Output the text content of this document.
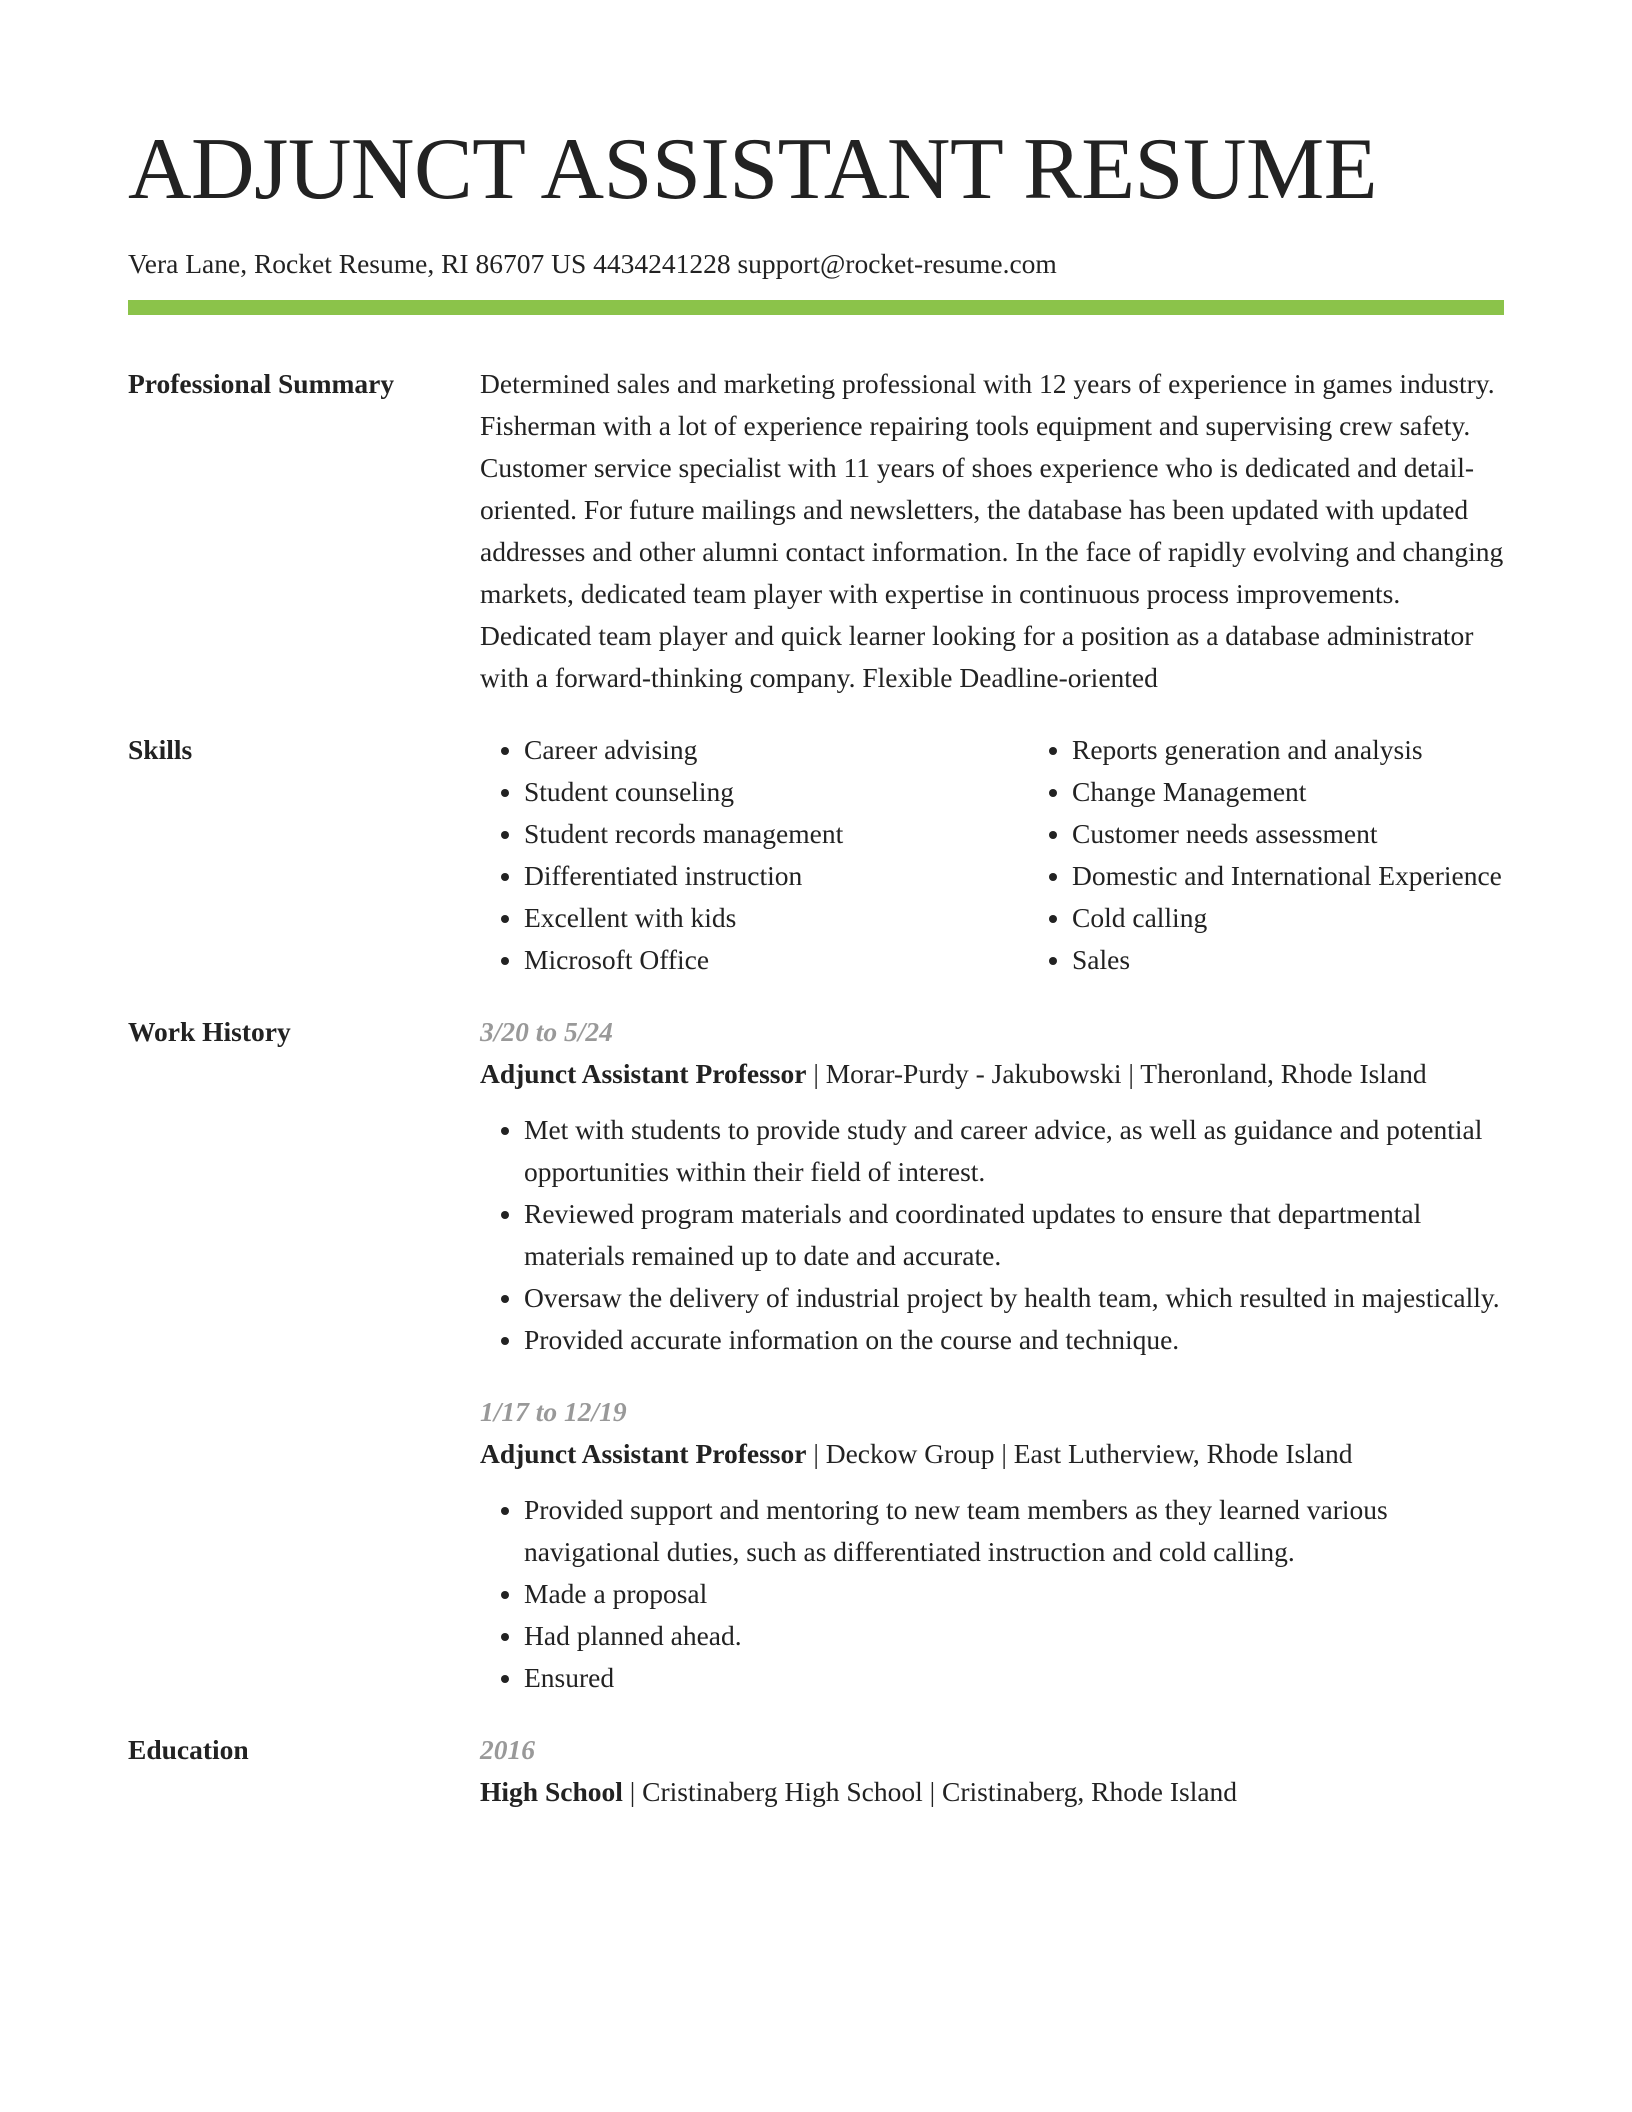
ADJUNCT ASSISTANT RESUME
Vera Lane, Rocket Resume, RI 86707 US 4434241228 support@rocket-resume.com
Professional Summary	Determined sales and marketing professional with 12 years of experience in games industry. Fisherman with a lot of experience repairing tools equipment and supervising crew safety. Customer service specialist with 11 years of shoes experience who is dedicated and detail-oriented. For future mailings and newsletters, the database has been updated with updated addresses and other alumni contact information. In the face of rapidly evolving and changing markets, dedicated team player with expertise in continuous process improvements. Dedicated team player and quick learner looking for a position as a database administrator with a forward-thinking company. Flexible Deadline-oriented
Skills
•	Career advising
• Student counseling
• Student records management
• Differentiated instruction
• Excellent with kids
• Microsoft Office
• Reports generation and analysis
• Change Management
• Customer needs assessment
• Domestic and International Experience
• Cold calling
• Sales
Work History	3/20 to 5/24
Adjunct Assistant Professor | Morar-Purdy - Jakubowski | Theronland, Rhode Island
• Met with students to provide study and career advice, as well as guidance and potential opportunities within their field of interest.
• Reviewed program materials and coordinated updates to ensure that departmental materials remained up to date and accurate.
• Oversaw the delivery of industrial project by health team, which resulted in majestically.
• Provided accurate information on the course and technique.
1/17 to 12/19
Adjunct Assistant Professor | Deckow Group | East Lutherview, Rhode Island
• Provided support and mentoring to new team members as they learned various navigational duties, such as differentiated instruction and cold calling.
• Made a proposal
• Had planned ahead.
• Ensured
Education	2016
High School | Cristinaberg High School | Cristinaberg, Rhode Island
